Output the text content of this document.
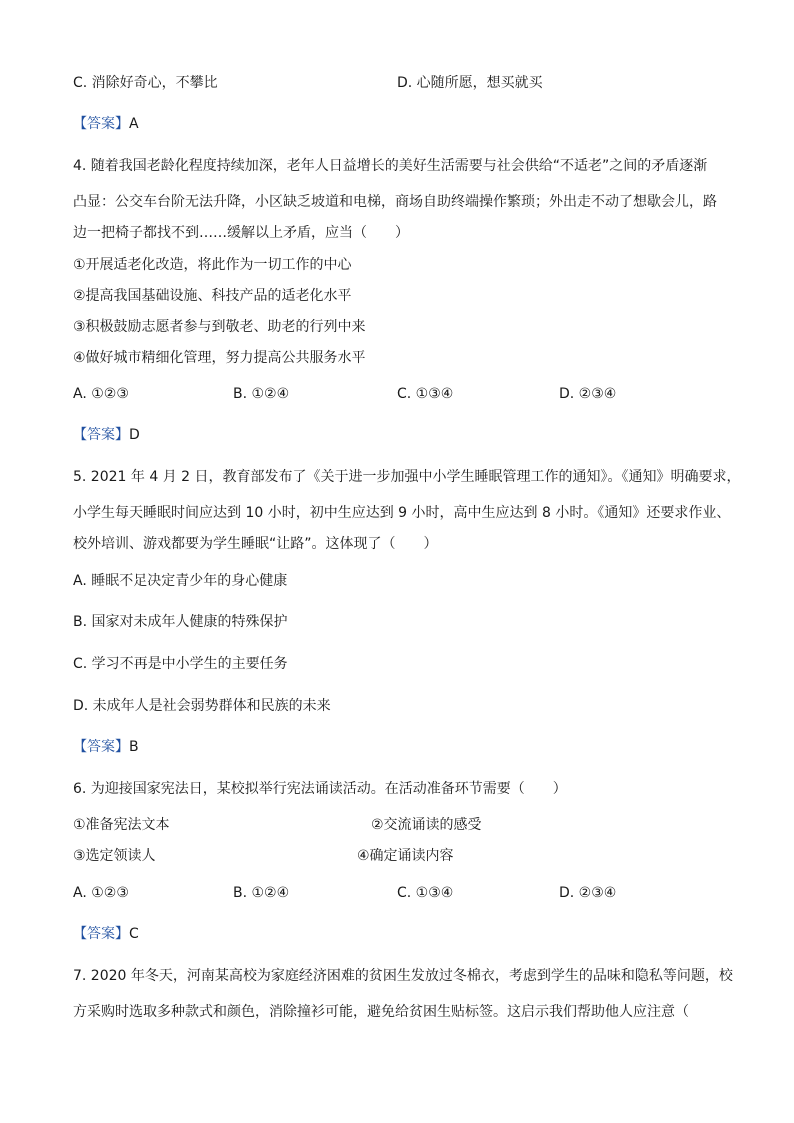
C. 消除好奇心，不攀比	D. 心随所愿，想买就买
【答案】A
4. 随着我国老龄化程度持续加深，老年人日益增长的美好生活需要与社会供给“不适老”之间的矛盾逐渐
凸显：公交车台阶无法升降，小区缺乏坡道和电梯，商场自助终端操作繁琐；外出走不动了想歇会儿，路
边一把椅子都找不到……缓解以上矛盾，应当（　　）
①开展适老化改造，将此作为一切工作的中心
②提高我国基础设施、科技产品的适老化水平
③积极鼓励志愿者参与到敬老、助老的行列中来
④做好城市精细化管理，努力提高公共服务水平
A. ①②③	B. ①②④	C. ①③④	D. ②③④
【答案】D
5. 2021 年 4 月 2 日，教育部发布了《关于进一步加强中小学生睡眠管理工作的通知》。《通知》明确要求，
小学生每天睡眠时间应达到 10 小时，初中生应达到 9 小时，高中生应达到 8 小时。《通知》还要求作业、
校外培训、游戏都要为学生睡眠“让路”。这体现了（　　）
A. 睡眠不足决定青少年的身心健康
B. 国家对未成年人健康的特殊保护
C. 学习不再是中小学生的主要任务
D. 未成年人是社会弱势群体和民族的未来
【答案】B
6. 为迎接国家宪法日，某校拟举行宪法诵读活动。在活动准备环节需要（　　）
①准备宪法文本	②交流诵读的感受
③选定领读人	④确定诵读内容
A. ①②③	B. ①②④	C. ①③④	D. ②③④
【答案】C
7. 2020 年冬天，河南某高校为家庭经济困难的贫困生发放过冬棉衣，考虑到学生的品味和隐私等问题，校
方采购时选取多种款式和颜色，消除撞衫可能，避免给贫困生贴标签。这启示我们帮助他人应注意（
